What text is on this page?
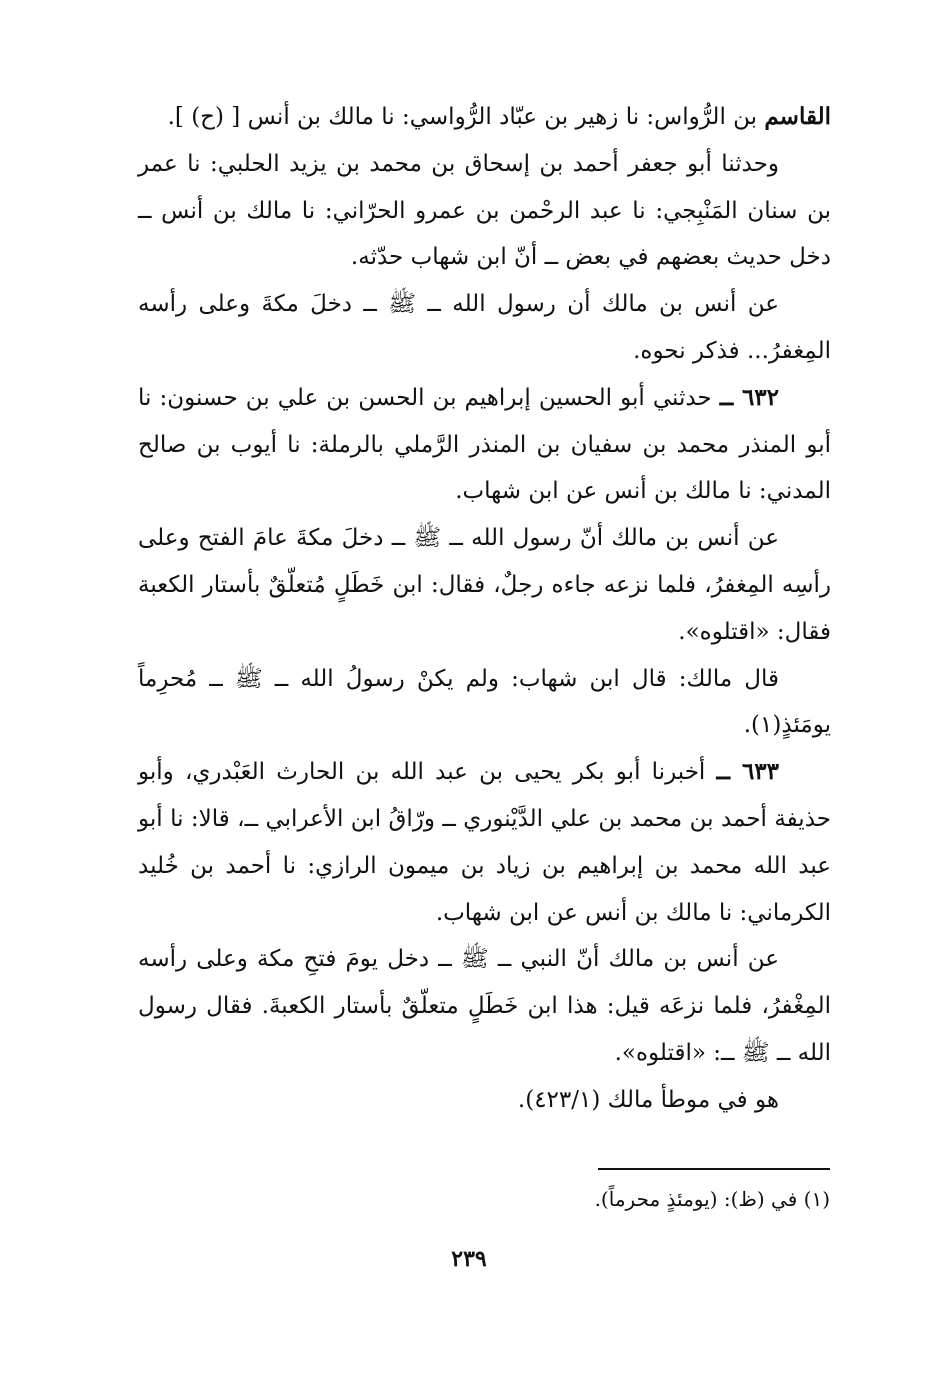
القاسم بن الرُّواس: نا زهير بن عبّاد الرُّواسي: نا مالك بن أنس [ (ح) ].

وحدثنا أبو جعفر أحمد بن إسحاق بن محمد بن يزيد الحلبي: نا عمر بن سنان المَنْبِجي: نا عبد الرحْمن بن عمرو الحرّاني: نا مالك بن أنس ــ دخل حديث بعضهم في بعض ــ أنّ ابن شهاب حدّثه.

عن أنس بن مالك أن رسول الله ــ ﷺ ــ دخلَ مكةَ وعلى رأسه المِغفرُ... فذكر نحوه.

٦٣٢ ــ حدثني أبو الحسين إبراهيم بن الحسن بن علي بن حسنون: نا أبو المنذر محمد بن سفيان بن المنذر الرَّملي بالرملة: نا أيوب بن صالح المدني: نا مالك بن أنس عن ابن شهاب.

عن أنس بن مالك أنّ رسول الله ــ ﷺ ــ دخلَ مكةَ عامَ الفتح وعلى رأسِه المِغفرُ، فلما نزعه جاءه رجلٌ، فقال: ابن خَطَلٍ مُتعلّقٌ بأستار الكعبة فقال: «اقتلوه».

قال مالك: قال ابن شهاب: ولم يكنْ رسولُ الله ــ ﷺ ــ مُحرِماً يومَئذٍ(١).

٦٣٣ ــ أخبرنا أبو بكر يحيى بن عبد الله بن الحارث العَبْدري، وأبو حذيفة أحمد بن محمد بن علي الدَّيْنوري ــ ورّاقُ ابن الأعرابي ــ، قالا: نا أبو عبد الله محمد بن إبراهيم بن زياد بن ميمون الرازي: نا أحمد بن خُليد الكرماني: نا مالك بن أنس عن ابن شهاب.

عن أنس بن مالك أنّ النبي ــ ﷺ ــ دخل يومَ فتحِ مكة وعلى رأسه المِغْفرُ، فلما نزعَه قيل: هذا ابن خَطَلٍ متعلّقٌ بأستار الكعبةَ. فقال رسول الله ــ ﷺ ــ: «اقتلوه».

هو في موطأ مالك (٤٢٣/١).

(١) في (ظ): (يومئذٍ محرماً).
٢٣٩
